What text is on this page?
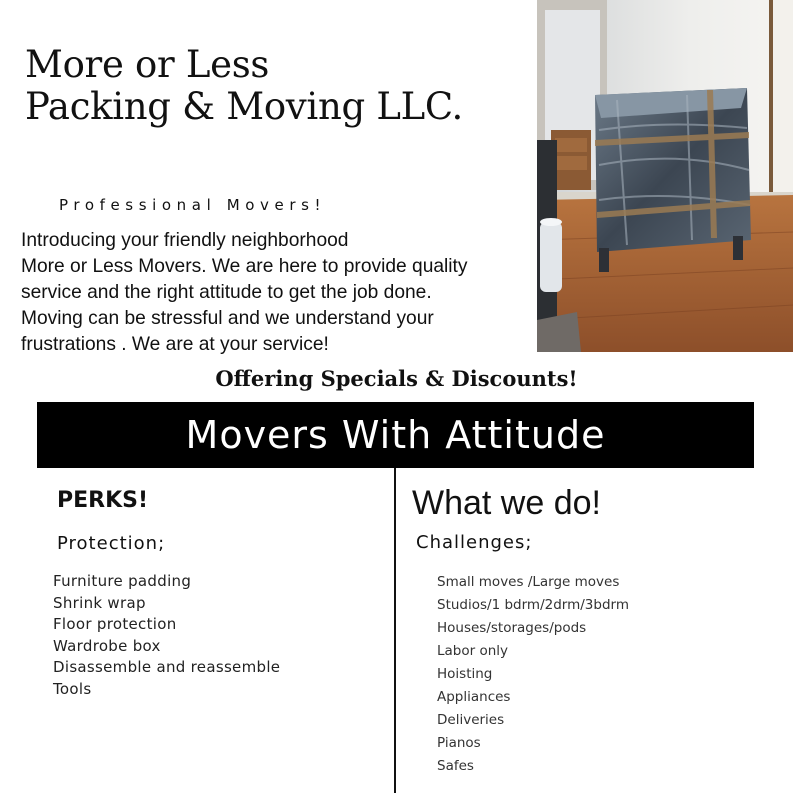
More or Less
Packing & Moving LLC.
Professional Movers!
Introducing your friendly neighborhood
More or Less Movers. We are here to provide quality
service and the right attitude to get the job done.
Moving can be stressful and we understand your
frustrations . We are at your service!
Offering Specials & Discounts!
Movers With Attitude
PERKS!
Protection;
Furniture padding
Shrink wrap
Floor protection
Wardrobe box
Disassemble and reassemble
Tools
What we do!
Challenges;
Small moves /Large moves
Studios/1 bdrm/2drm/3bdrm
Houses/storages/pods
Labor only
Hoisting
Appliances
Deliveries
Pianos
Safes
